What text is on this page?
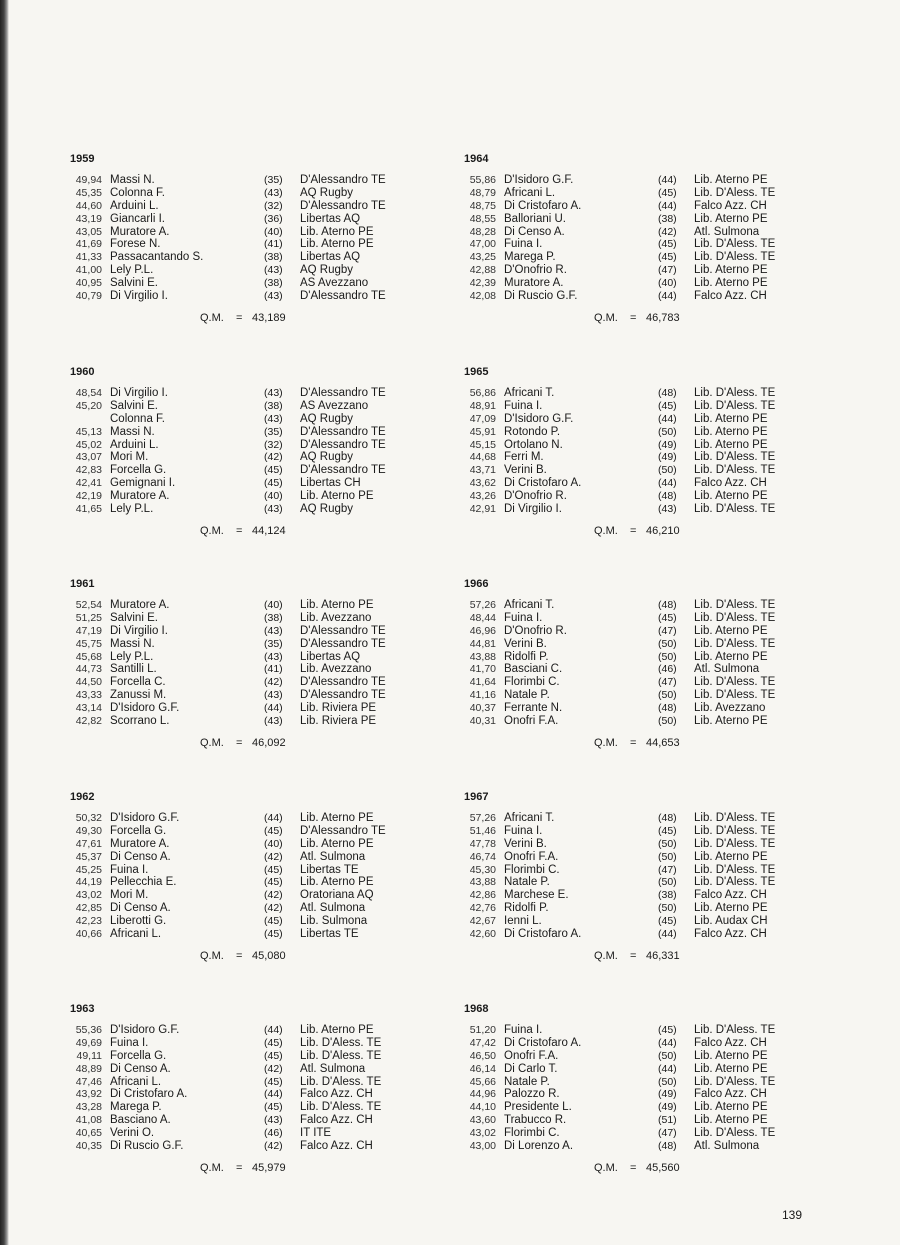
1959
49,94 Massi N.	(35) D'Alessandro TE
45,35 Colonna F.	(43) AQ Rugby
44,60 Arduini L.	(32) D'Alessandro TE
43,19 Giancarli I.	(36) Libertas AQ
43,05 Muratore A.	(40) Lib. Aterno PE
41,69 Forese N.	(41) Lib. Aterno PE
41,33 Passacantando S.	(38) Libertas AQ
41,00 Lely P.L.	(43) AQ Rugby
40,95 Salvini E.	(38) AS Avezzano
40,79 Di Virgilio I.	(43) D'Alessandro TE
Q.M. = 43,189
1960
48,54 Di Virgilio I.	(43) D'Alessandro TE
45,20 Salvini E.	(38) AS Avezzano
Colonna F.	(43) AQ Rugby
45,13 Massi N.	(35) D'Alessandro TE
45,02 Arduini L.	(32) D'Alessandro TE
43,07 Mori M.	(42) AQ Rugby
42,83 Forcella G.	(45) D'Alessandro TE
42,41 Gemignani I.	(45) Libertas CH
42,19 Muratore A.	(40) Lib. Aterno PE
41,65 Lely P.L.	(43) AQ Rugby
Q.M. = 44,124
1961
52,54 Muratore A.	(40) Lib. Aterno PE
51,25 Salvini E.	(38) Lib. Avezzano
47,19 Di Virgilio I.	(43) D'Alessandro TE
45,75 Massi N.	(35) D'Alessandro TE
45,68 Lely P.L.	(43) Libertas AQ
44,73 Santilli L.	(41) Lib. Avezzano
44,50 Forcella C.	(42) D'Alessandro TE
43,33 Zanussi M.	(43) D'Alessandro TE
43,14 D'Isidoro G.F.	(44) Lib. Riviera PE
42,82 Scorrano L.	(43) Lib. Riviera PE
Q.M. = 46,092
1962
50,32 D'Isidoro G.F.	(44) Lib. Aterno PE
49,30 Forcella G.	(45) D'Alessandro TE
47,61 Muratore A.	(40) Lib. Aterno PE
45,37 Di Censo A.	(42) Atl. Sulmona
45,25 Fuina I.	(45) Libertas TE
44,19 Pellecchia E.	(45) Lib. Aterno PE
43,02 Mori M.	(42) Oratoriana AQ
42,85 Di Censo A.	(42) Atl. Sulmona
42,23 Liberotti G.	(45) Lib. Sulmona
40,66 Africani L.	(45) Libertas TE
Q.M. = 45,080
1963
55,36 D'Isidoro G.F.	(44) Lib. Aterno PE
49,69 Fuina I.	(45) Lib. D'Aless. TE
49,11 Forcella G.	(45) Lib. D'Aless. TE
48,89 Di Censo A.	(42) Atl. Sulmona
47,46 Africani L.	(45) Lib. D'Aless. TE
43,92 Di Cristofaro A.	(44) Falco Azz. CH
43,28 Marega P.	(45) Lib. D'Aless. TE
41,08 Basciano A.	(43) Falco Azz. CH
40,65 Verini O.	(46) IT ITE
40,35 Di Ruscio G.F.	(42) Falco Azz. CH
Q.M. = 45,979
1964
55,86 D'Isidoro G.F.	(44) Lib. Aterno PE
48,79 Africani L.	(45) Lib. D'Aless. TE
48,75 Di Cristofaro A.	(44) Falco Azz. CH
48,55 Balloriani U.	(38) Lib. Aterno PE
48,28 Di Censo A.	(42) Atl. Sulmona
47,00 Fuina I.	(45) Lib. D'Aless. TE
43,25 Marega P.	(45) Lib. D'Aless. TE
42,88 D'Onofrio R.	(47) Lib. Aterno PE
42,39 Muratore A.	(40) Lib. Aterno PE
42,08 Di Ruscio G.F.	(44) Falco Azz. CH
Q.M. = 46,783
1965
56,86 Africani T.	(48) Lib. D'Aless. TE
48,91 Fuina I.	(45) Lib. D'Aless. TE
47,09 D'Isidoro G.F.	(44) Lib. Aterno PE
45,91 Rotondo P.	(50) Lib. Aterno PE
45,15 Ortolano N.	(49) Lib. Aterno PE
44,68 Ferri M.	(49) Lib. D'Aless. TE
43,71 Verini B.	(50) Lib. D'Aless. TE
43,62 Di Cristofaro A.	(44) Falco Azz. CH
43,26 D'Onofrio R.	(48) Lib. Aterno PE
42,91 Di Virgilio I.	(43) Lib. D'Aless. TE
Q.M. = 46,210
1966
57,26 Africani T.	(48) Lib. D'Aless. TE
48,44 Fuina I.	(45) Lib. D'Aless. TE
46,96 D'Onofrio R.	(47) Lib. Aterno PE
44,81 Verini B.	(50) Lib. D'Aless. TE
43,88 Ridolfi P.	(50) Lib. Aterno PE
41,70 Basciani C.	(46) Atl. Sulmona
41,64 Florimbi C.	(47) Lib. D'Aless. TE
41,16 Natale P.	(50) Lib. D'Aless. TE
40,37 Ferrante N.	(48) Lib. Avezzano
40,31 Onofri F.A.	(50) Lib. Aterno PE
Q.M. = 44,653
1967
57,26 Africani T.	(48) Lib. D'Aless. TE
51,46 Fuina I.	(45) Lib. D'Aless. TE
47,78 Verini B.	(50) Lib. D'Aless. TE
46,74 Onofri F.A.	(50) Lib. Aterno PE
45,30 Florimbi C.	(47) Lib. D'Aless. TE
43,88 Natale P.	(50) Lib. D'Aless. TE
42,86 Marchese E.	(38) Falco Azz. CH
42,76 Ridolfi P.	(50) Lib. Aterno PE
42,67 Ienni L.	(45) Lib. Audax CH
42,60 Di Cristofaro A.	(44) Falco Azz. CH
Q.M. = 46,331
1968
51,20 Fuina I.	(45) Lib. D'Aless. TE
47,42 Di Cristofaro A.	(44) Falco Azz. CH
46,50 Onofri F.A.	(50) Lib. Aterno PE
46,14 Di Carlo T.	(44) Lib. Aterno PE
45,66 Natale P.	(50) Lib. D'Aless. TE
44,96 Palozzo R.	(49) Falco Azz. CH
44,10 Presidente L.	(49) Lib. Aterno PE
43,60 Trabucco R.	(51) Lib. Aterno PE
43,02 Florimbi C.	(47) Lib. D'Aless. TE
43,00 Di Lorenzo A.	(48) Atl. Sulmona
Q.M. = 45,560
139
